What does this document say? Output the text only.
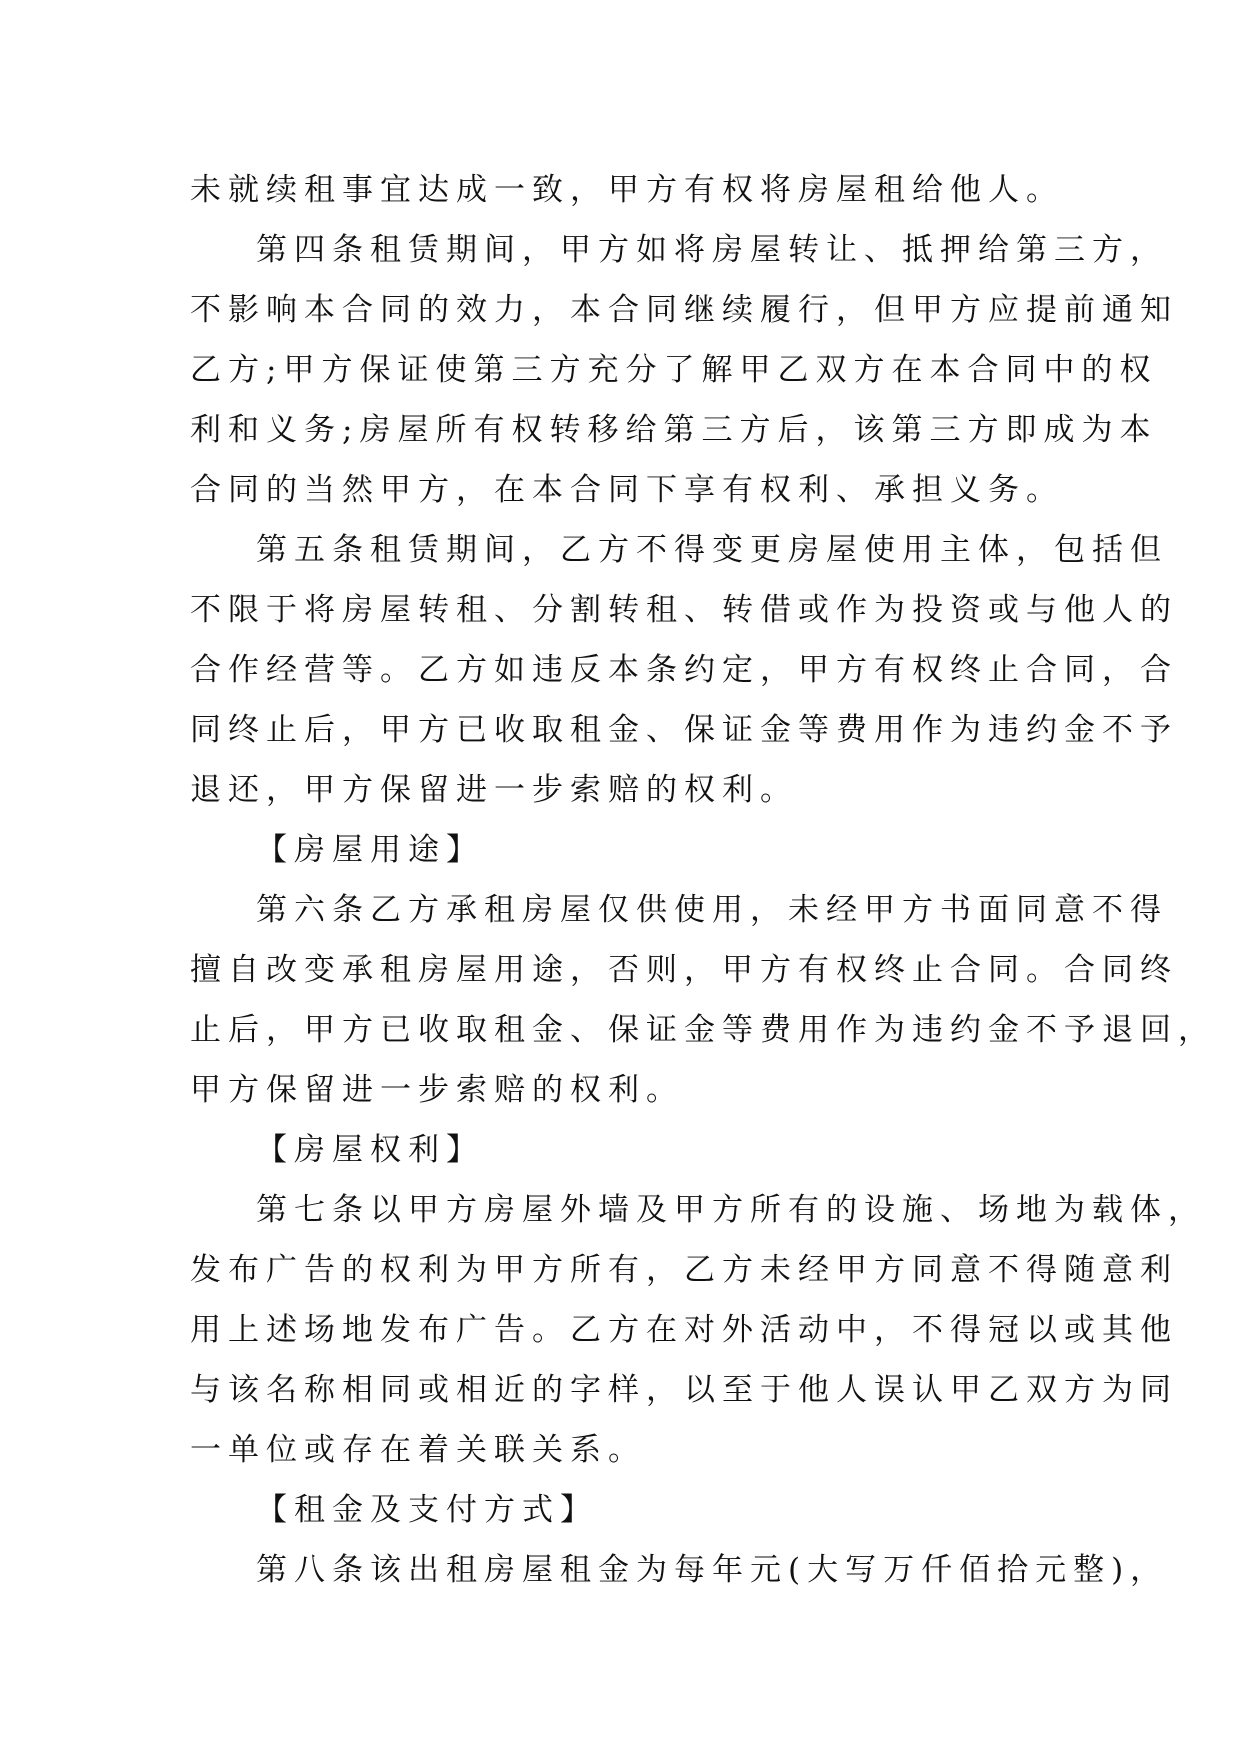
未就续租事宜达成一致，甲方有权将房屋租给他人。
第四条租赁期间，甲方如将房屋转让、抵押给第三方，
不影响本合同的效力，本合同继续履行，但甲方应提前通知
乙方;甲方保证使第三方充分了解甲乙双方在本合同中的权
利和义务;房屋所有权转移给第三方后，该第三方即成为本
合同的当然甲方，在本合同下享有权利、承担义务。
第五条租赁期间，乙方不得变更房屋使用主体，包括但
不限于将房屋转租、分割转租、转借或作为投资或与他人的
合作经营等。乙方如违反本条约定，甲方有权终止合同，合
同终止后，甲方已收取租金、保证金等费用作为违约金不予
退还，甲方保留进一步索赔的权利。
【房屋用途】
第六条乙方承租房屋仅供使用，未经甲方书面同意不得
擅自改变承租房屋用途，否则，甲方有权终止合同。合同终
止后，甲方已收取租金、保证金等费用作为违约金不予退回，
甲方保留进一步索赔的权利。
【房屋权利】
第七条以甲方房屋外墙及甲方所有的设施、场地为载体，
发布广告的权利为甲方所有，乙方未经甲方同意不得随意利
用上述场地发布广告。乙方在对外活动中，不得冠以或其他
与该名称相同或相近的字样，以至于他人误认甲乙双方为同
一单位或存在着关联关系。
【租金及支付方式】
第八条该出租房屋租金为每年元(大写万仟佰拾元整)，
